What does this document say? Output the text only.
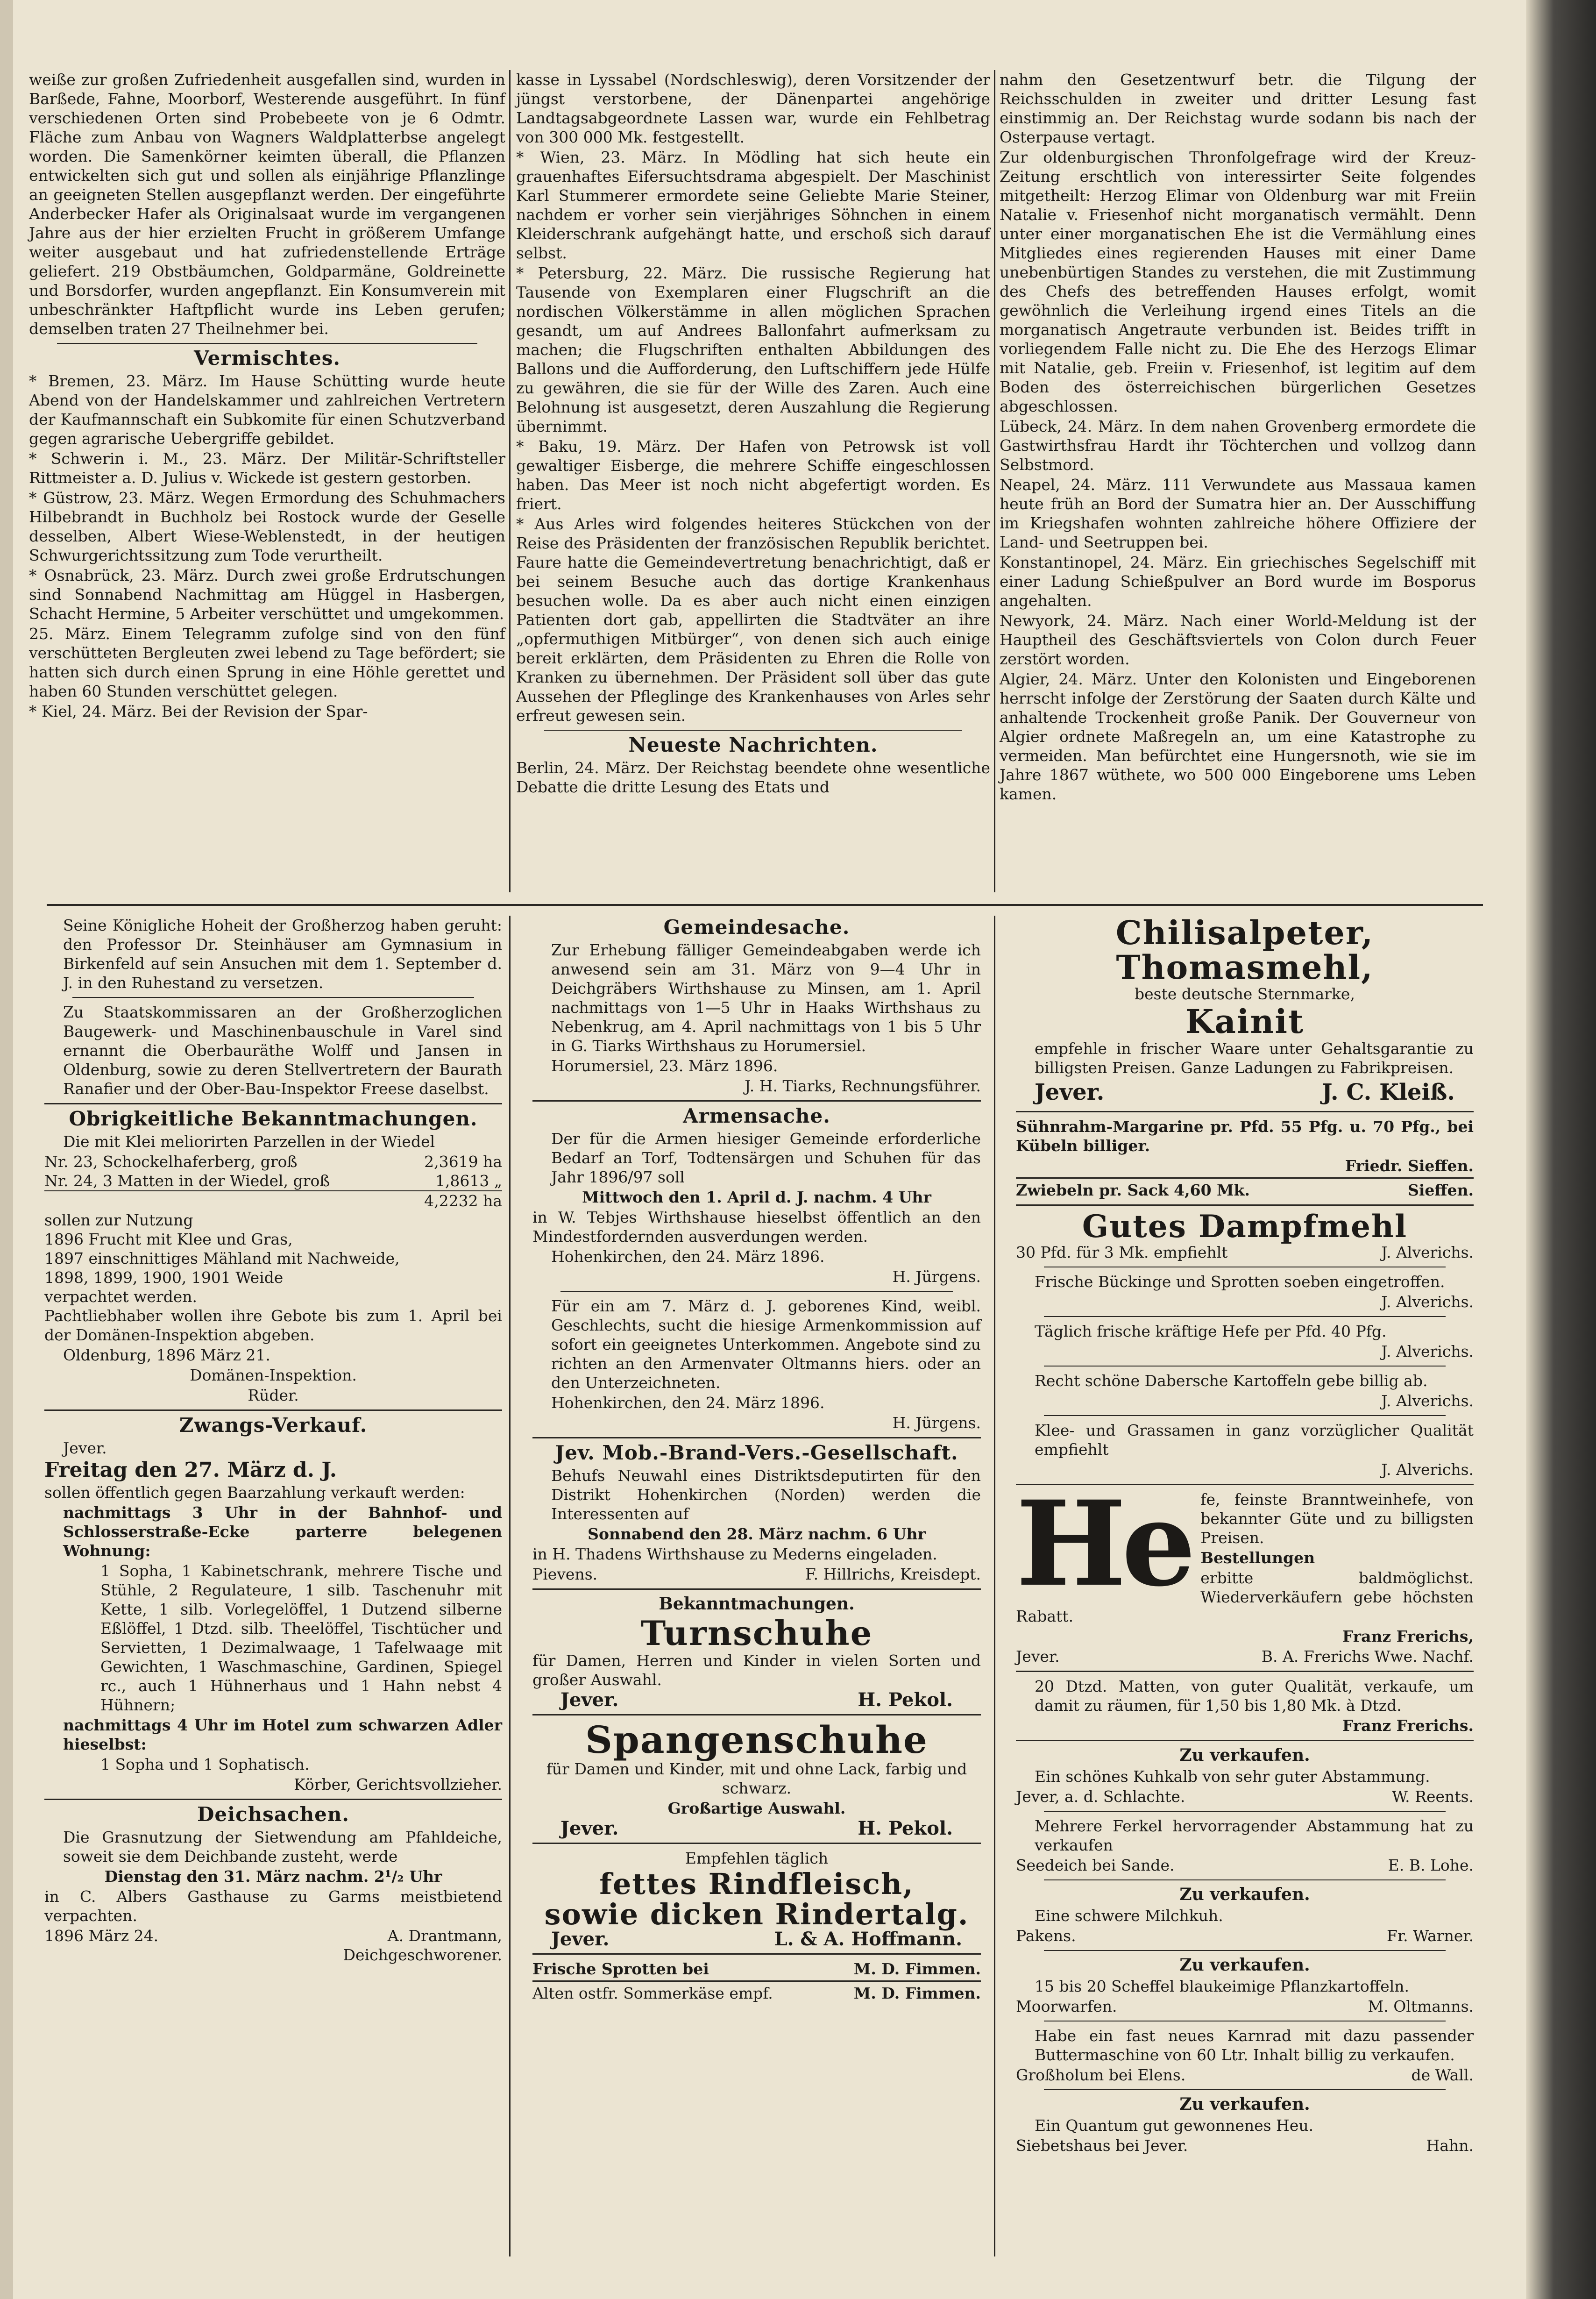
weiße zur großen Zufriedenheit ausgefallen sind, wurden in Barßede, Fahne, Moorborf, Westerende ausgeführt. In fünf verschiedenen Orten sind Probebeete von je 6 Odmtr. Fläche zum Anbau von Wagners Waldplatterbse angelegt worden. Die Samenkörner keimten überall, die Pflanzen entwickelten sich gut und sollen als einjährige Pflanzlinge an geeigneten Stellen ausgepflanzt werden. Der eingeführte Anderbecker Hafer als Originalsaat wurde im vergangenen Jahre aus der hier erzielten Frucht in größerem Umfange weiter ausgebaut und hat zufriedenstellende Erträge geliefert. 219 Obstbäumchen, Goldparmäne, Goldreinette und Borsdorfer, wurden angepflanzt. Ein Konsumverein mit unbeschränkter Haftpflicht wurde ins Leben gerufen; demselben traten 27 Theilnehmer bei.

Vermischtes.

* Bremen, 23. März. Im Hause Schütting wurde heute Abend von der Handelskammer und zahlreichen Vertretern der Kaufmannschaft ein Subkomite für einen Schutzverband gegen agrarische Uebergriffe gebildet.

* Schwerin i. M., 23. März. Der Militär-Schriftsteller Rittmeister a. D. Julius v. Wickede ist gestern gestorben.

* Güstrow, 23. März. Wegen Ermordung des Schuhmachers Hilbebrandt in Buchholz bei Rostock wurde der Geselle desselben, Albert Wiese-Weblenstedt, in der heutigen Schwurgerichtssitzung zum Tode verurtheilt.

* Osnabrück, 23. März. Durch zwei große Erdrutschungen sind Sonnabend Nachmittag am Hüggel in Hasbergen, Schacht Hermine, 5 Arbeiter verschüttet und umgekommen.

25. März. Einem Telegramm zufolge sind von den fünf verschütteten Bergleuten zwei lebend zu Tage befördert; sie hatten sich durch einen Sprung in eine Höhle gerettet und haben 60 Stunden verschüttet gelegen.

* Kiel, 24. März. Bei der Revision der Spar-

kasse in Lyssabel (Nordschleswig), deren Vorsitzender der jüngst verstorbene, der Dänenpartei angehörige Landtagsabgeordnete Lassen war, wurde ein Fehlbetrag von 300 000 Mk. festgestellt.

* Wien, 23. März. In Mödling hat sich heute ein grauenhaftes Eifersuchtsdrama abgespielt. Der Maschinist Karl Stummerer ermordete seine Geliebte Marie Steiner, nachdem er vorher sein vierjähriges Söhnchen in einem Kleiderschrank aufgehängt hatte, und erschoß sich darauf selbst.

* Petersburg, 22. März. Die russische Regierung hat Tausende von Exemplaren einer Flugschrift an die nordischen Völkerstämme in allen möglichen Sprachen gesandt, um auf Andrees Ballonfahrt aufmerksam zu machen; die Flugschriften enthalten Abbildungen des Ballons und die Aufforderung, den Luftschiffern jede Hülfe zu gewähren, die sie für der Wille des Zaren. Auch eine Belohnung ist ausgesetzt, deren Auszahlung die Regierung übernimmt.

* Baku, 19. März. Der Hafen von Petrowsk ist voll gewaltiger Eisberge, die mehrere Schiffe eingeschlossen haben. Das Meer ist noch nicht abgefertigt worden. Es friert.

* Aus Arles wird folgendes heiteres Stückchen von der Reise des Präsidenten der französischen Republik berichtet. Faure hatte die Gemeindevertretung benachrichtigt, daß er bei seinem Besuche auch das dortige Krankenhaus besuchen wolle. Da es aber auch nicht einen einzigen Patienten dort gab, appellirten die Stadtväter an ihre „opfermuthigen Mitbürger“, von denen sich auch einige bereit erklärten, dem Präsidenten zu Ehren die Rolle von Kranken zu übernehmen. Der Präsident soll über das gute Aussehen der Pfleglinge des Krankenhauses von Arles sehr erfreut gewesen sein.

Neueste Nachrichten.

Berlin, 24. März. Der Reichstag beendete ohne wesentliche Debatte die dritte Lesung des Etats und

nahm den Gesetzentwurf betr. die Tilgung der Reichsschulden in zweiter und dritter Lesung fast einstimmig an. Der Reichstag wurde sodann bis nach der Osterpause vertagt.

Zur oldenburgischen Thronfolgefrage wird der Kreuz-Zeitung erschtlich von interessirter Seite folgendes mitgetheilt: Herzog Elimar von Oldenburg war mit Freiin Natalie v. Friesenhof nicht morganatisch vermählt. Denn unter einer morganatischen Ehe ist die Vermählung eines Mitgliedes eines regierenden Hauses mit einer Dame unebenbürtigen Standes zu verstehen, die mit Zustimmung des Chefs des betreffenden Hauses erfolgt, womit gewöhnlich die Verleihung irgend eines Titels an die morganatisch Angetraute verbunden ist. Beides trifft in vorliegendem Falle nicht zu. Die Ehe des Herzogs Elimar mit Natalie, geb. Freiin v. Friesenhof, ist legitim auf dem Boden des österreichischen bürgerlichen Gesetzes abgeschlossen.

Lübeck, 24. März. In dem nahen Grovenberg ermordete die Gastwirthsfrau Hardt ihr Töchterchen und vollzog dann Selbstmord.

Neapel, 24. März. 111 Verwundete aus Massaua kamen heute früh an Bord der Sumatra hier an. Der Ausschiffung im Kriegshafen wohnten zahlreiche höhere Offiziere der Land- und Seetruppen bei.

Konstantinopel, 24. März. Ein griechisches Segelschiff mit einer Ladung Schießpulver an Bord wurde im Bosporus angehalten.

Newyork, 24. März. Nach einer World-Meldung ist der Hauptheil des Geschäftsviertels von Colon durch Feuer zerstört worden.

Algier, 24. März. Unter den Kolonisten und Eingeborenen herrscht infolge der Zerstörung der Saaten durch Kälte und anhaltende Trockenheit große Panik. Der Gouverneur von Algier ordnete Maßregeln an, um eine Katastrophe zu vermeiden. Man befürchtet eine Hungersnoth, wie sie im Jahre 1867 wüthete, wo 500 000 Eingeborene ums Leben kamen.

Seine Königliche Hoheit der Großherzog haben geruht: den Professor Dr. Steinhäuser am Gymnasium in Birkenfeld auf sein Ansuchen mit dem 1. September d. J. in den Ruhestand zu versetzen.

Zu Staatskommissaren an der Großherzoglichen Baugewerk- und Maschinenbauschule in Varel sind ernannt die Oberbauräthe Wolff und Jansen in Oldenburg, sowie zu deren Stellvertretern der Baurath Ranafier und der Ober-Bau-Inspektor Freese daselbst.

Obrigkeitliche Bekanntmachungen.

Die mit Klei meliorirten Parzellen in der Wiedel

Nr. 23, Schockelhaferberg, groß	2,3619 ha
Nr. 24, 3 Matten in der Wiedel, groß	1,8613 „
4,2232 ha

sollen zur Nutzung
1896 Frucht mit Klee und Gras,
1897 einschnittiges Mähland mit Nachweide,
1898, 1899, 1900, 1901 Weide
verpachtet werden.
Pachtliebhaber wollen ihre Gebote bis zum 1. April bei der Domänen-Inspektion abgeben.

Oldenburg, 1896 März 21.

Domänen-Inspektion.

Rüder.

Zwangs-Verkauf.

Jever.

Freitag den 27. März d. J.

sollen öffentlich gegen Baarzahlung verkauft werden:

nachmittags 3 Uhr in der Bahnhof- und Schlosserstraße-Ecke parterre belegenen Wohnung:

1 Sopha, 1 Kabinetschrank, mehrere Tische und Stühle, 2 Regulateure, 1 silb. Taschenuhr mit Kette, 1 silb. Vorlegelöffel, 1 Dutzend silberne Eßlöffel, 1 Dtzd. silb. Theelöffel, Tischtücher und Servietten, 1 Dezimalwaage, 1 Tafelwaage mit Gewichten, 1 Waschmaschine, Gardinen, Spiegel rc., auch 1 Hühnerhaus und 1 Hahn nebst 4 Hühnern;

nachmittags 4 Uhr im Hotel zum schwarzen Adler hieselbst:

1 Sopha und 1 Sophatisch.

Körber, Gerichtsvollzieher.

Deichsachen.

Die Grasnutzung der Sietwendung am Pfahldeiche, soweit sie dem Deichbande zusteht, werde

Dienstag den 31. März nachm. 2¹/₂ Uhr

in C. Albers Gasthause zu Garms meistbietend verpachten.

1896 März 24.	A. Drantmann,

Deichgeschworener.

Gemeindesache.

Zur Erhebung fälliger Gemeindeabgaben werde ich anwesend sein am 31. März von 9—4 Uhr in Deichgräbers Wirthshause zu Minsen, am 1. April nachmittags von 1—5 Uhr in Haaks Wirthshaus zu Nebenkrug, am 4. April nachmittags von 1 bis 5 Uhr in G. Tiarks Wirthshaus zu Horumersiel.

Horumersiel, 23. März 1896.

J. H. Tiarks, Rechnungsführer.

Armensache.

Der für die Armen hiesiger Gemeinde erforderliche Bedarf an Torf, Todtensärgen und Schuhen für das Jahr 1896/97 soll

Mittwoch den 1. April d. J. nachm. 4 Uhr

in W. Tebjes Wirthshause hieselbst öffentlich an den Mindestfordernden ausverdungen werden.

Hohenkirchen, den 24. März 1896.

H. Jürgens.

Für ein am 7. März d. J. geborenes Kind, weibl. Geschlechts, sucht die hiesige Armenkommission auf sofort ein geeignetes Unterkommen. Angebote sind zu richten an den Armenvater Oltmanns hiers. oder an den Unterzeichneten.

Hohenkirchen, den 24. März 1896.

H. Jürgens.

Jev. Mob.-Brand-Vers.-Gesellschaft.

Behufs Neuwahl eines Distriktsdeputirten für den Distrikt Hohenkirchen (Norden) werden die Interessenten auf

Sonnabend den 28. März nachm. 6 Uhr

in H. Thadens Wirthshause zu Mederns eingeladen.

Pievens.	F. Hillrichs, Kreisdept.
Bekanntmachungen.
Turnschuhe

für Damen, Herren und Kinder in vielen Sorten und großer Auswahl.

Jever.	H. Pekol.
Spangenschuhe

für Damen und Kinder, mit und ohne Lack, farbig und schwarz.

Großartige Auswahl.

Jever.	H. Pekol.

Empfehlen täglich

fettes Rindfleisch,
sowie dicken Rindertalg.
Jever.	L. & A. Hoffmann.
Frische Sprotten bei	M. D. Fimmen.
Alten ostfr. Sommerkäse empf.	M. D. Fimmen.
Chilisalpeter,
Thomasmehl,

beste deutsche Sternmarke,

Kainit

empfehle in frischer Waare unter Gehaltsgarantie zu billigsten Preisen. Ganze Ladungen zu Fabrikpreisen.

Jever.	J. C. Kleiß.

Sühnrahm-Margarine pr. Pfd. 55 Pfg. u. 70 Pfg., bei Kübeln billiger.

Friedr. Sieffen.

Zwiebeln pr. Sack 4,60 Mk.	Sieffen.
Gutes Dampfmehl
30 Pfd. für 3 Mk. empfiehlt	J. Alverichs.

Frische Bückinge und Sprotten soeben eingetroffen.

J. Alverichs.

Täglich frische kräftige Hefe per Pfd. 40 Pfg.

J. Alverichs.

Recht schöne Dabersche Kartoffeln gebe billig ab.

J. Alverichs.

Klee- und Grassamen in ganz vorzüglicher Qualität empfiehlt

J. Alverichs.

He fe, feinste Branntweinhefe, von bekannter Güte und zu billigsten Preisen.

Bestellungen

erbitte baldmöglichst. Wiederverkäufern gebe höchsten Rabatt.

Franz Frerichs,

Jever.	B. A. Frerichs Wwe. Nachf.

20 Dtzd. Matten, von guter Qualität, verkaufe, um damit zu räumen, für 1,50 bis 1,80 Mk. à Dtzd.

Franz Frerichs.

Zu verkaufen.

Ein schönes Kuhkalb von sehr guter Abstammung.

Jever, a. d. Schlachte.	W. Reents.

Mehrere Ferkel hervorragender Abstammung hat zu verkaufen

Seedeich bei Sande.	E. B. Lohe.
Zu verkaufen.

Eine schwere Milchkuh.

Pakens.	Fr. Warner.
Zu verkaufen.

15 bis 20 Scheffel blaukeimige Pflanzkartoffeln.

Moorwarfen.	M. Oltmanns.

Habe ein fast neues Karnrad mit dazu passender Buttermaschine von 60 Ltr. Inhalt billig zu verkaufen.

Großholum bei Elens.	de Wall.
Zu verkaufen.

Ein Quantum gut gewonnenes Heu.

Siebetshaus bei Jever.	Hahn.
